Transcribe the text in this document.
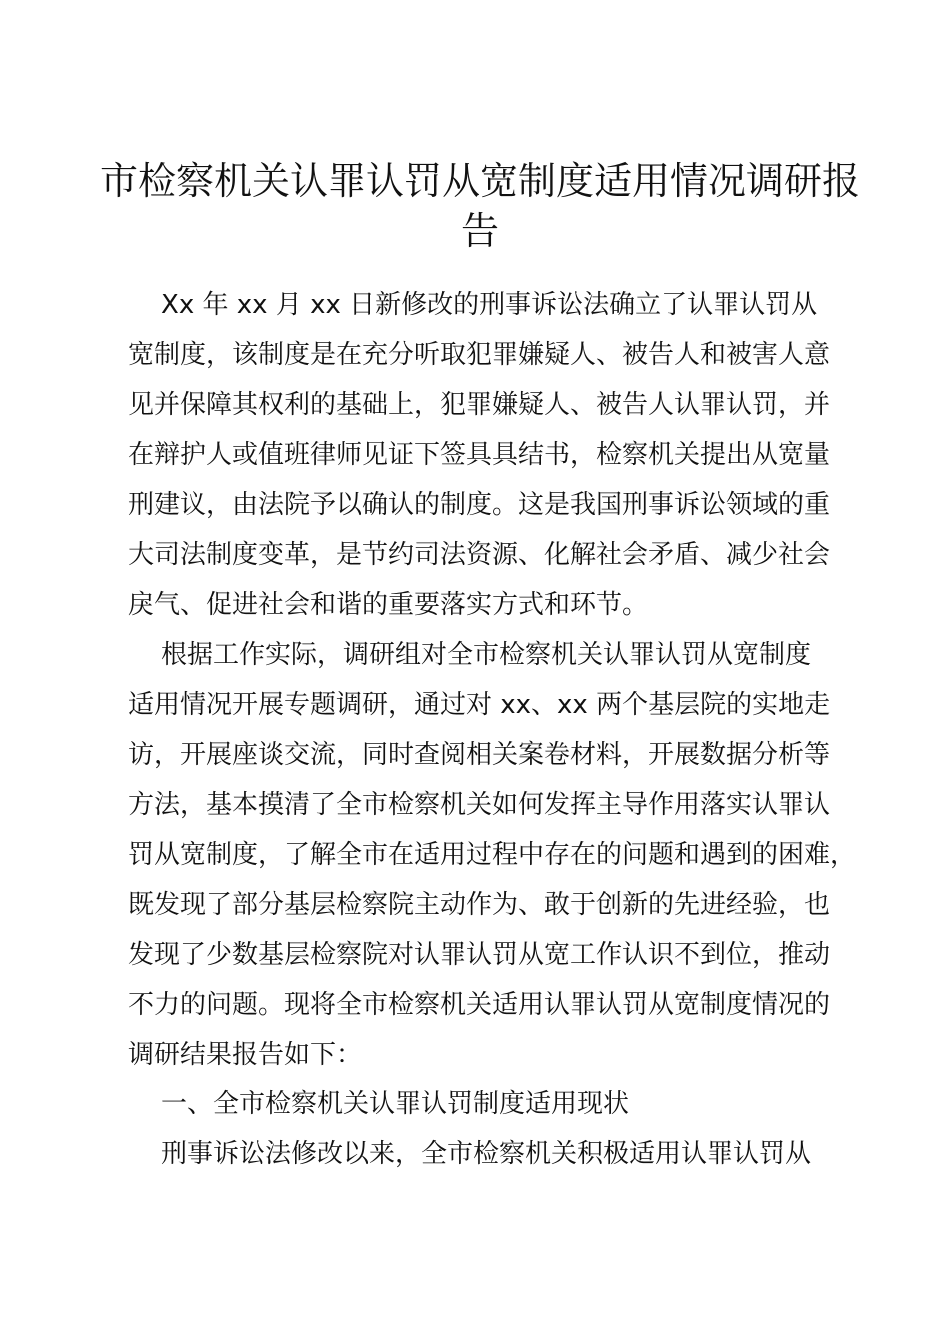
市检察机关认罪认罚从宽制度适用情况调研报
告
Xx 年 xx 月 xx 日新修改的刑事诉讼法确立了认罪认罚从
宽制度，该制度是在充分听取犯罪嫌疑人、被告人和被害人意
见并保障其权利的基础上，犯罪嫌疑人、被告人认罪认罚，并
在辩护人或值班律师见证下签具具结书，检察机关提出从宽量
刑建议，由法院予以确认的制度。这是我国刑事诉讼领域的重
大司法制度变革，是节约司法资源、化解社会矛盾、减少社会
戾气、促进社会和谐的重要落实方式和环节。
根据工作实际，调研组对全市检察机关认罪认罚从宽制度
适用情况开展专题调研，通过对 xx、xx 两个基层院的实地走
访，开展座谈交流，同时查阅相关案卷材料，开展数据分析等
方法，基本摸清了全市检察机关如何发挥主导作用落实认罪认
罚从宽制度，了解全市在适用过程中存在的问题和遇到的困难，
既发现了部分基层检察院主动作为、敢于创新的先进经验，也
发现了少数基层检察院对认罪认罚从宽工作认识不到位，推动
不力的问题。现将全市检察机关适用认罪认罚从宽制度情况的
调研结果报告如下：
一、全市检察机关认罪认罚制度适用现状
刑事诉讼法修改以来，全市检察机关积极适用认罪认罚从
